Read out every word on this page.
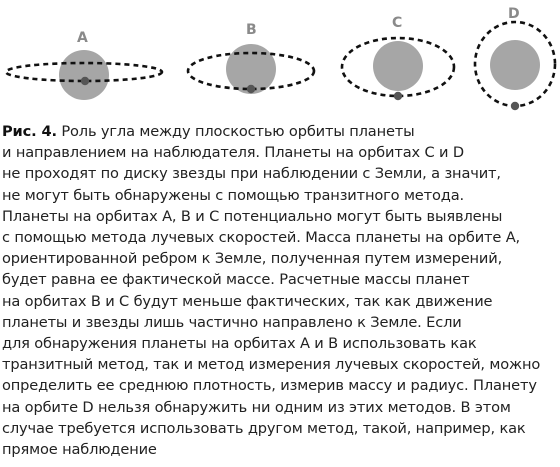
A	B	C
D
Рис. 4. Роль угла между плоскостью орбиты планеты
и направлением на наблюдателя. Планеты на орбитах C и D
не проходят по диску звезды при наблюдении с Земли, а значит,
не могут быть обнаружены с помощью транзитного метода.
Планеты на орбитах A, B и C потенциально могут быть выявлены
с помощью метода лучевых скоростей. Масса планеты на орбите A,
ориентированной ребром к Земле, полученная путем измерений,
будет равна ее фактической массе. Расчетные массы планет
на орбитах B и C будут меньше фактических, так как движение
планеты и звезды лишь частично направлено к Земле. Если
для обнаружения планеты на орбитах A и B использовать как
транзитный метод, так и метод измерения лучевых скоростей, можно
определить ее среднюю плотность, измерив массу и радиус. Планету
на орбите D нельзя обнаружить ни одним из этих методов. В этом
случае требуется использовать другом метод, такой, например, как
прямое наблюдение
